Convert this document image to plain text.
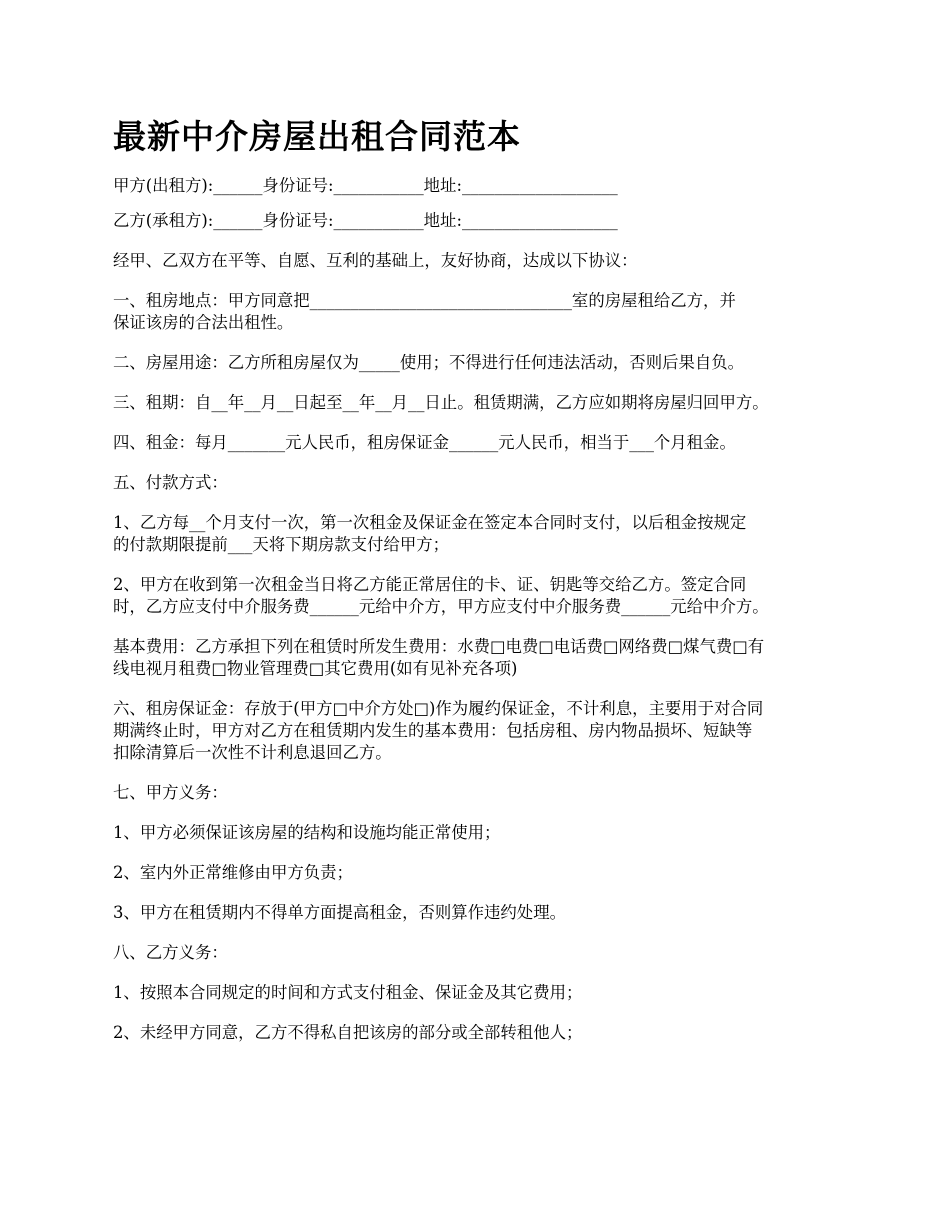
最新中介房屋出租合同范本
甲方(出租方):______身份证号:___________地址:___________________
乙方(承租方):______身份证号:___________地址:___________________
经甲、乙双方在平等、自愿、互利的基础上，友好协商，达成以下协议：
一、租房地点：甲方同意把________________________________室的房屋租给乙方，并
保证该房的合法出租性。
二、房屋用途：乙方所租房屋仅为_____使用；不得进行任何违法活动，否则后果自负。
三、租期：自__年__月__日起至__年__月__日止。租赁期满，乙方应如期将房屋归回甲方。
四、租金：每月_______元人民币，租房保证金______元人民币，相当于___个月租金。
五、付款方式：
1、乙方每__个月支付一次，第一次租金及保证金在签定本合同时支付，以后租金按规定
的付款期限提前___天将下期房款支付给甲方；
2、甲方在收到第一次租金当日将乙方能正常居住的卡、证、钥匙等交给乙方。签定合同
时，乙方应支付中介服务费______元给中介方，甲方应支付中介服务费______元给中介方。
基本费用：乙方承担下列在租赁时所发生费用：水费□电费□电话费□网络费□煤气费□有
线电视月租费□物业管理费□其它费用(如有见补充各项)
六、租房保证金：存放于(甲方□中介方处□)作为履约保证金，不计利息，主要用于对合同
期满终止时，甲方对乙方在租赁期内发生的基本费用：包括房租、房内物品损坏、短缺等
扣除清算后一次性不计利息退回乙方。
七、甲方义务：
1、甲方必须保证该房屋的结构和设施均能正常使用；
2、室内外正常维修由甲方负责；
3、甲方在租赁期内不得单方面提高租金，否则算作违约处理。
八、乙方义务：
1、按照本合同规定的时间和方式支付租金、保证金及其它费用；
2、未经甲方同意，乙方不得私自把该房的部分或全部转租他人；
